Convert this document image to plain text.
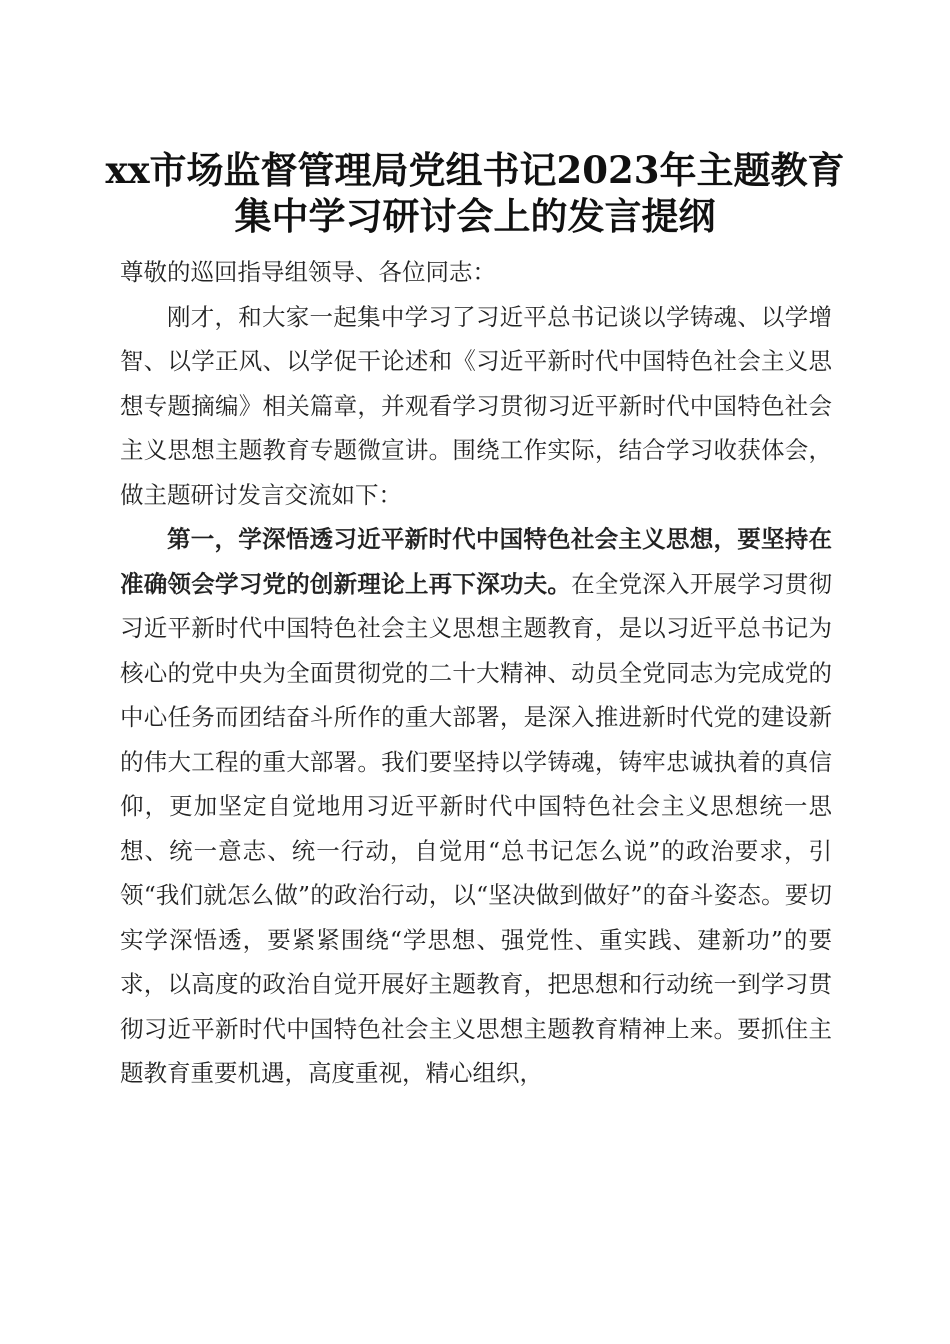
xx市场监督管理局党组书记2023年主题教育
集中学习研讨会上的发言提纲

尊敬的巡回指导组领导、各位同志：

刚才，和大家一起集中学习了习近平总书记谈以学铸魂、以学增智、以学正风、以学促干论述和《习近平新时代中国特色社会主义思想专题摘编》相关篇章，并观看学习贯彻习近平新时代中国特色社会主义思想主题教育专题微宣讲。围绕工作实际，结合学习收获体会，做主题研讨发言交流如下：

第一，学深悟透习近平新时代中国特色社会主义思想，要坚持在准确领会学习党的创新理论上再下深功夫。在全党深入开展学习贯彻习近平新时代中国特色社会主义思想主题教育，是以习近平总书记为核心的党中央为全面贯彻党的二十大精神、动员全党同志为完成党的中心任务而团结奋斗所作的重大部署，是深入推进新时代党的建设新的伟大工程的重大部署。我们要坚持以学铸魂，铸牢忠诚执着的真信仰，更加坚定自觉地用习近平新时代中国特色社会主义思想统一思想、统一意志、统一行动，自觉用“总书记怎么说”的政治要求，引领“我们就怎么做”的政治行动，以“坚决做到做好”的奋斗姿态。要切实学深悟透，要紧紧围绕“学思想、强党性、重实践、建新功”的要求，以高度的政治自觉开展好主题教育，把思想和行动统一到学习贯彻习近平新时代中国特色社会主义思想主题教育精神上来。要抓住主题教育重要机遇，高度重视，精心组织，
